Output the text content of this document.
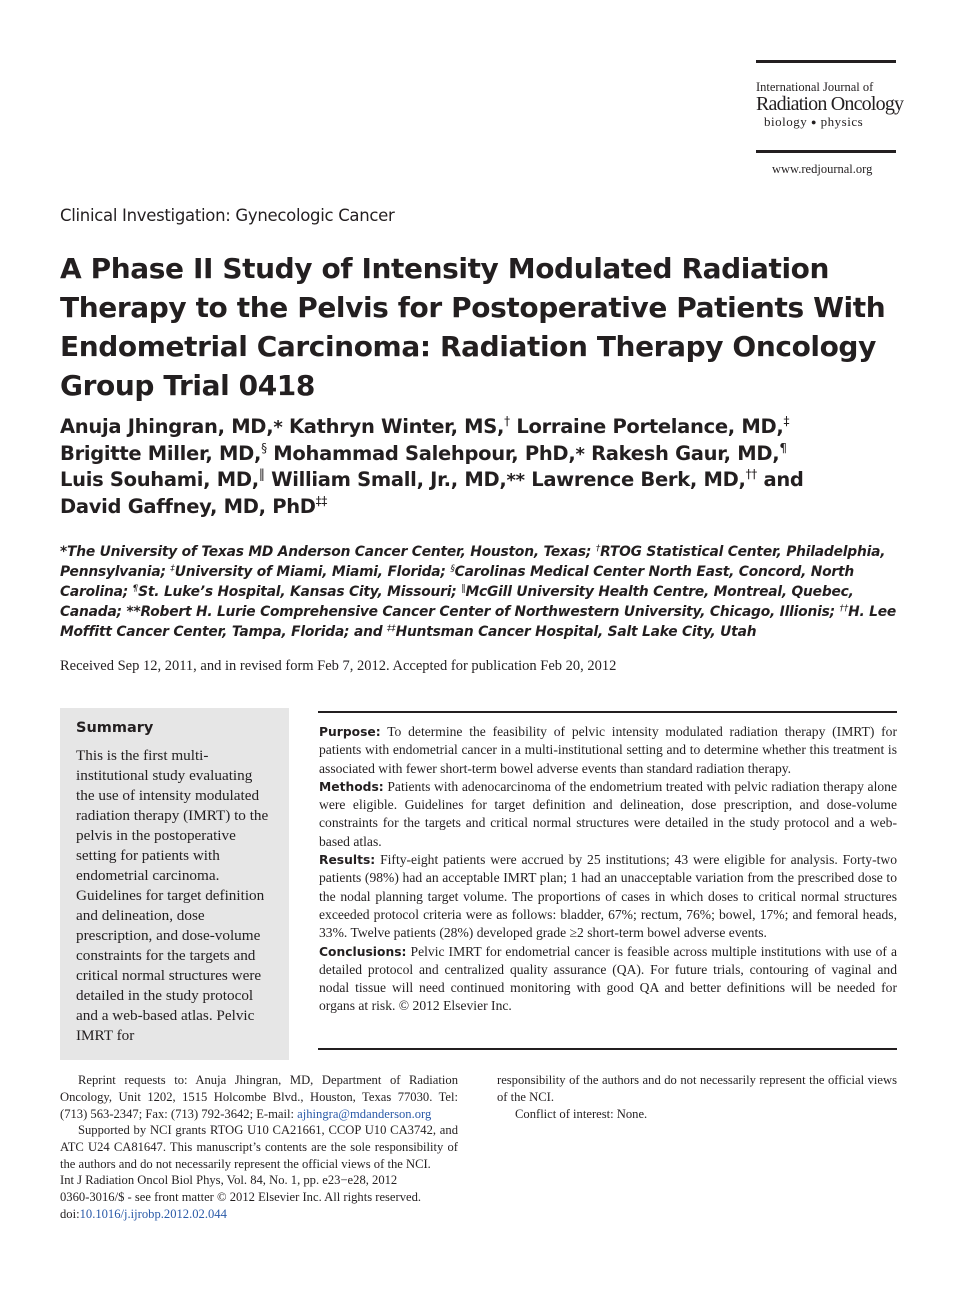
International Journal of
Radiation Oncology
biology ● physics
www.redjournal.org
Clinical Investigation: Gynecologic Cancer
A Phase II Study of Intensity Modulated Radiation Therapy to the Pelvis for Postoperative Patients With Endometrial Carcinoma: Radiation Therapy Oncology Group Trial 0418
Anuja Jhingran, MD,* Kathryn Winter, MS,† Lorraine Portelance, MD,‡
Brigitte Miller, MD,§ Mohammad Salehpour, PhD,* Rakesh Gaur, MD,¶
Luis Souhami, MD,‖ William Small, Jr., MD,** Lawrence Berk, MD,†† and
David Gaffney, MD, PhD‡‡
*The University of Texas MD Anderson Cancer Center, Houston, Texas; †RTOG Statistical Center, Philadelphia, Pennsylvania; ‡University of Miami, Miami, Florida; §Carolinas Medical Center North East, Concord, North Carolina; ¶St. Luke’s Hospital, Kansas City, Missouri; ‖McGill University Health Centre, Montreal, Quebec, Canada; **Robert H. Lurie Comprehensive Cancer Center of Northwestern University, Chicago, Illionis; ††H. Lee Moffitt Cancer Center, Tampa, Florida; and ‡‡Huntsman Cancer Hospital, Salt Lake City, Utah
Received Sep 12, 2011, and in revised form Feb 7, 2012. Accepted for publication Feb 20, 2012
Summary
This is the first multi-institutional study evaluating the use of intensity modulated radiation therapy (IMRT) to the pelvis in the postoperative setting for patients with endometrial carcinoma. Guidelines for target definition and delineation, dose prescription, and dose-volume constraints for the targets and critical normal structures were detailed in the study protocol and a web-based atlas. Pelvic IMRT for

Purpose: To determine the feasibility of pelvic intensity modulated radiation therapy (IMRT) for patients with endometrial cancer in a multi-institutional setting and to determine whether this treatment is associated with fewer short-term bowel adverse events than standard radiation therapy.

Methods: Patients with adenocarcinoma of the endometrium treated with pelvic radiation therapy alone were eligible. Guidelines for target definition and delineation, dose prescription, and dose-volume constraints for the targets and critical normal structures were detailed in the study protocol and a web-based atlas.

Results: Fifty-eight patients were accrued by 25 institutions; 43 were eligible for analysis. Forty-two patients (98%) had an acceptable IMRT plan; 1 had an unacceptable variation from the prescribed dose to the nodal planning target volume. The proportions of cases in which doses to critical normal structures exceeded protocol criteria were as follows: bladder, 67%; rectum, 76%; bowel, 17%; and femoral heads, 33%. Twelve patients (28%) developed grade ≥2 short-term bowel adverse events.

Conclusions: Pelvic IMRT for endometrial cancer is feasible across multiple institutions with use of a detailed protocol and centralized quality assurance (QA). For future trials, contouring of vaginal and nodal tissue will need continued monitoring with good QA and better definitions will be needed for organs at risk. © 2012 Elsevier Inc.

Reprint requests to: Anuja Jhingran, MD, Department of Radiation Oncology, Unit 1202, 1515 Holcombe Blvd., Houston, Texas 77030. Tel: (713) 563-2347; Fax: (713) 792-3642; E-mail: ajhingra@mdanderson.org

Supported by NCI grants RTOG U10 CA21661, CCOP U10 CA3742, and ATC U24 CA81647. This manuscript’s contents are the sole responsibility of the authors and do not necessarily represent the official views of the NCI.

responsibility of the authors and do not necessarily represent the official views of the NCI.

Conflict of interest: None.

Int J Radiation Oncol Biol Phys, Vol. 84, No. 1, pp. e23−e28, 2012
0360-3016/$ - see front matter © 2012 Elsevier Inc. All rights reserved.
doi:10.1016/j.ijrobp.2012.02.044
